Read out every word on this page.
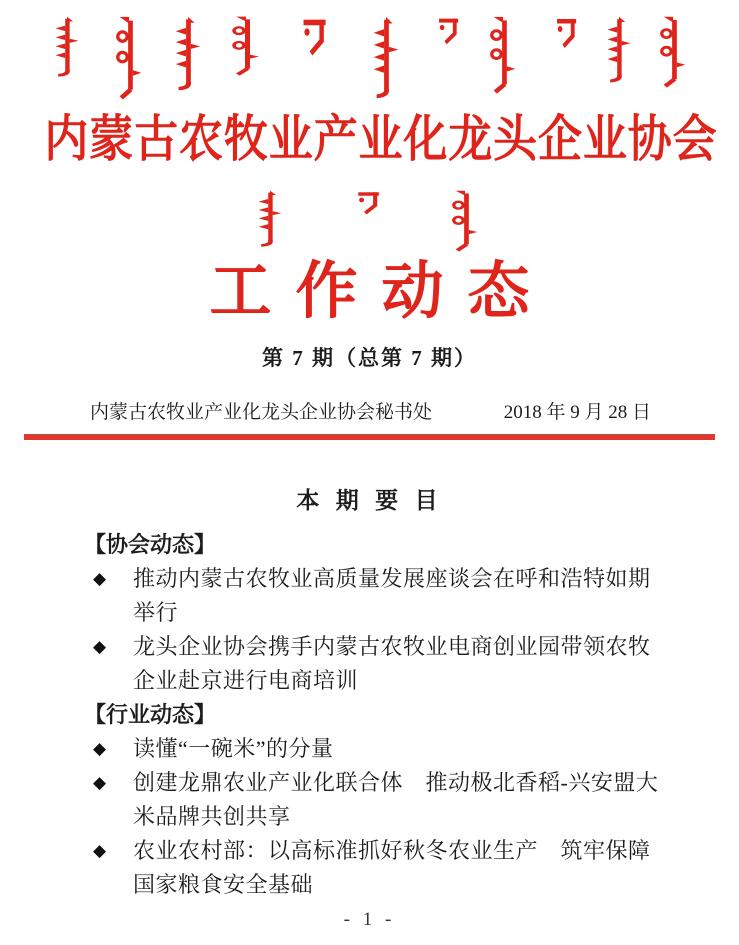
内蒙古农牧业产业化龙头企业协会
工作动态
第 7 期（总第 7 期）
内蒙古农牧业产业化龙头企业协会秘书处	2018 年 9 月 28 日
本 期 要 目
【协会动态】
◆	推动内蒙古农牧业高质量发展座谈会在呼和浩特如期举行
◆	龙头企业协会携手内蒙古农牧业电商创业园带领农牧企业赴京进行电商培训
【行业动态】
◆	读懂“一碗米”的分量
◆	创建龙鼎农业产业化联合体　推动极北香稻-兴安盟大米品牌共创共享
◆	农业农村部：以高标准抓好秋冬农业生产　筑牢保障国家粮食安全基础
- 1 -
